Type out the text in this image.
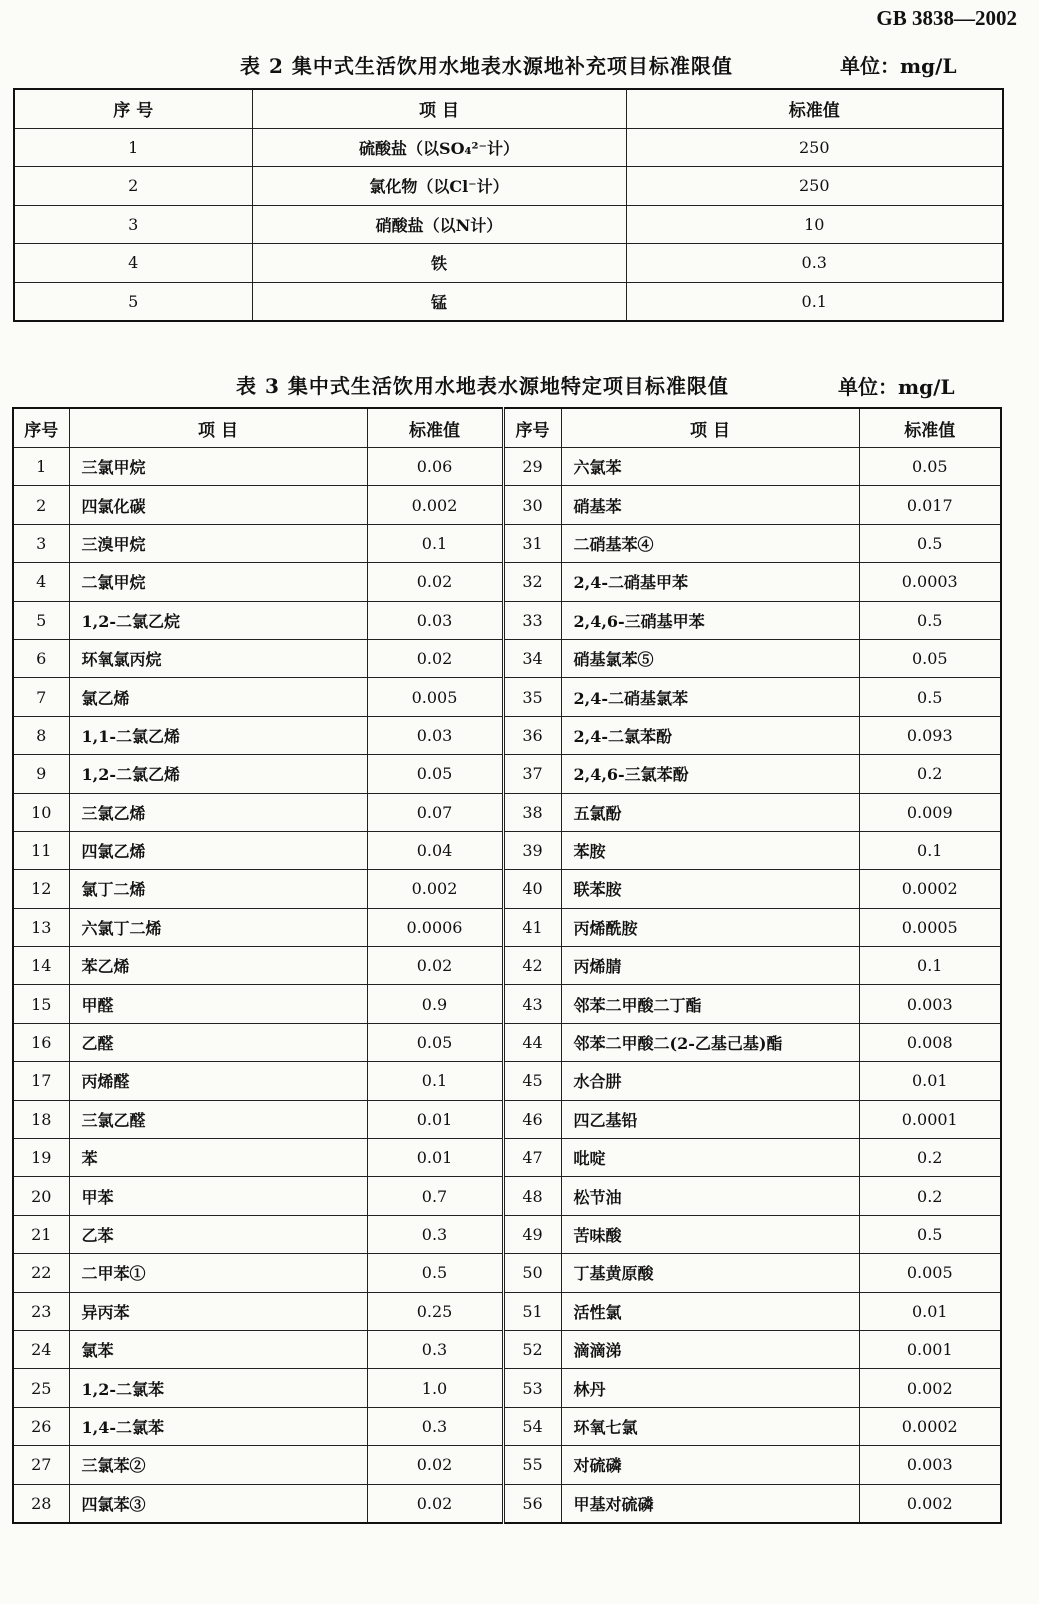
GB 3838—2002
表 2 集中式生活饮用水地表水源地补充项目标准限值	单位：mg/L
序 号	项 目	标准值
1	硫酸盐（以SO₄²⁻计）	250
2	氯化物（以Cl⁻计）	250
3	硝酸盐（以N计）	10
4	铁	0.3
5	锰	0.1
表 3 集中式生活饮用水地表水源地特定项目标准限值	单位：mg/L
序号	项 目	标准值	序号	项 目	标准值
1	三氯甲烷	0.06	29	六氯苯	0.05
2	四氯化碳	0.002	30	硝基苯	0.017
3	三溴甲烷	0.1	31	二硝基苯④	0.5
4	二氯甲烷	0.02	32	2,4-二硝基甲苯	0.0003
5	1,2-二氯乙烷	0.03	33	2,4,6-三硝基甲苯	0.5
6	环氧氯丙烷	0.02	34	硝基氯苯⑤	0.05
7	氯乙烯	0.005	35	2,4-二硝基氯苯	0.5
8	1,1-二氯乙烯	0.03	36	2,4-二氯苯酚	0.093
9	1,2-二氯乙烯	0.05	37	2,4,6-三氯苯酚	0.2
10	三氯乙烯	0.07	38	五氯酚	0.009
11	四氯乙烯	0.04	39	苯胺	0.1
12	氯丁二烯	0.002	40	联苯胺	0.0002
13	六氯丁二烯	0.0006	41	丙烯酰胺	0.0005
14	苯乙烯	0.02	42	丙烯腈	0.1
15	甲醛	0.9	43	邻苯二甲酸二丁酯	0.003
16	乙醛	0.05	44	邻苯二甲酸二(2-乙基己基)酯	0.008
17	丙烯醛	0.1	45	水合肼	0.01
18	三氯乙醛	0.01	46	四乙基铅	0.0001
19	苯	0.01	47	吡啶	0.2
20	甲苯	0.7	48	松节油	0.2
21	乙苯	0.3	49	苦味酸	0.5
22	二甲苯①	0.5	50	丁基黄原酸	0.005
23	异丙苯	0.25	51	活性氯	0.01
24	氯苯	0.3	52	滴滴涕	0.001
25	1,2-二氯苯	1.0	53	林丹	0.002
26	1,4-二氯苯	0.3	54	环氧七氯	0.0002
27	三氯苯②	0.02	55	对硫磷	0.003
28	四氯苯③	0.02	56	甲基对硫磷	0.002
